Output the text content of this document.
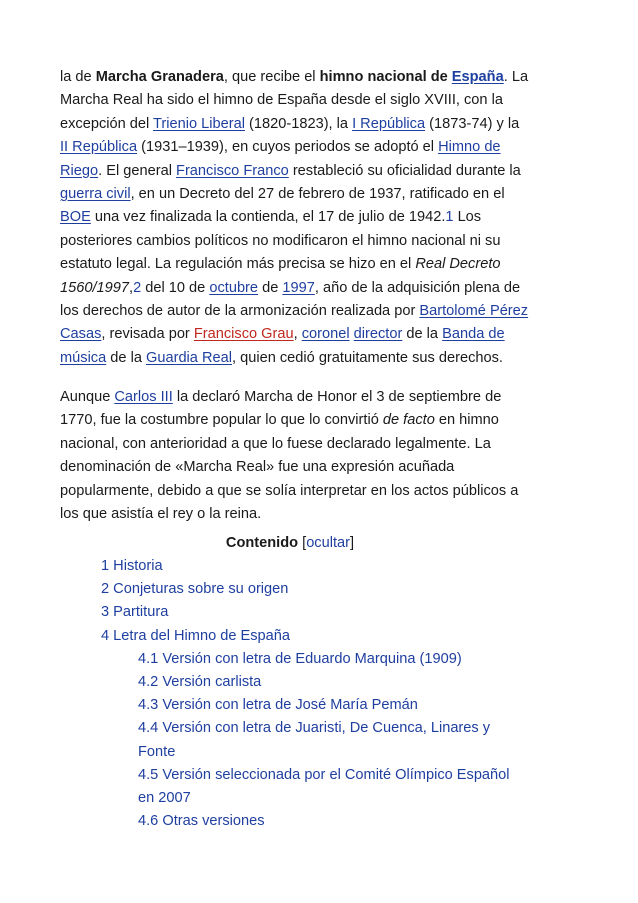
la de Marcha Granadera, que recibe el himno nacional de España. La Marcha Real ha sido el himno de España desde el siglo XVIII, con la excepción del Trienio Liberal (1820-1823), la I República (1873-74) y la II República (1931–1939), en cuyos periodos se adoptó el Himno de Riego. El general Francisco Franco restableció su oficialidad durante la guerra civil, en un Decreto del 27 de febrero de 1937, ratificado en el BOE una vez finalizada la contienda, el 17 de julio de 1942.1 Los posteriores cambios políticos no modificaron el himno nacional ni su estatuto legal. La regulación más precisa se hizo en el Real Decreto 1560/1997,2 del 10 de octubre de 1997, año de la adquisición plena de los derechos de autor de la armonización realizada por Bartolomé Pérez Casas, revisada por Francisco Grau, coronel director de la Banda de música de la Guardia Real, quien cedió gratuitamente sus derechos.

Aunque Carlos III la declaró Marcha de Honor el 3 de septiembre de 1770, fue la costumbre popular lo que lo convirtió de facto en himno nacional, con anterioridad a que lo fuese declarado legalmente. La denominación de «Marcha Real» fue una expresión acuñada popularmente, debido a que se solía interpretar en los actos públicos a los que asistía el rey o la reina.

Contenido [ocultar]
1 Historia
2 Conjeturas sobre su origen
3 Partitura
4 Letra del Himno de España
4.1 Versión con letra de Eduardo Marquina (1909)
4.2 Versión carlista
4.3 Versión con letra de José María Pemán
4.4 Versión con letra de Juaristi, De Cuenca, Linares y Fonte
4.5 Versión seleccionada por el Comité Olímpico Español en 2007
4.6 Otras versiones
